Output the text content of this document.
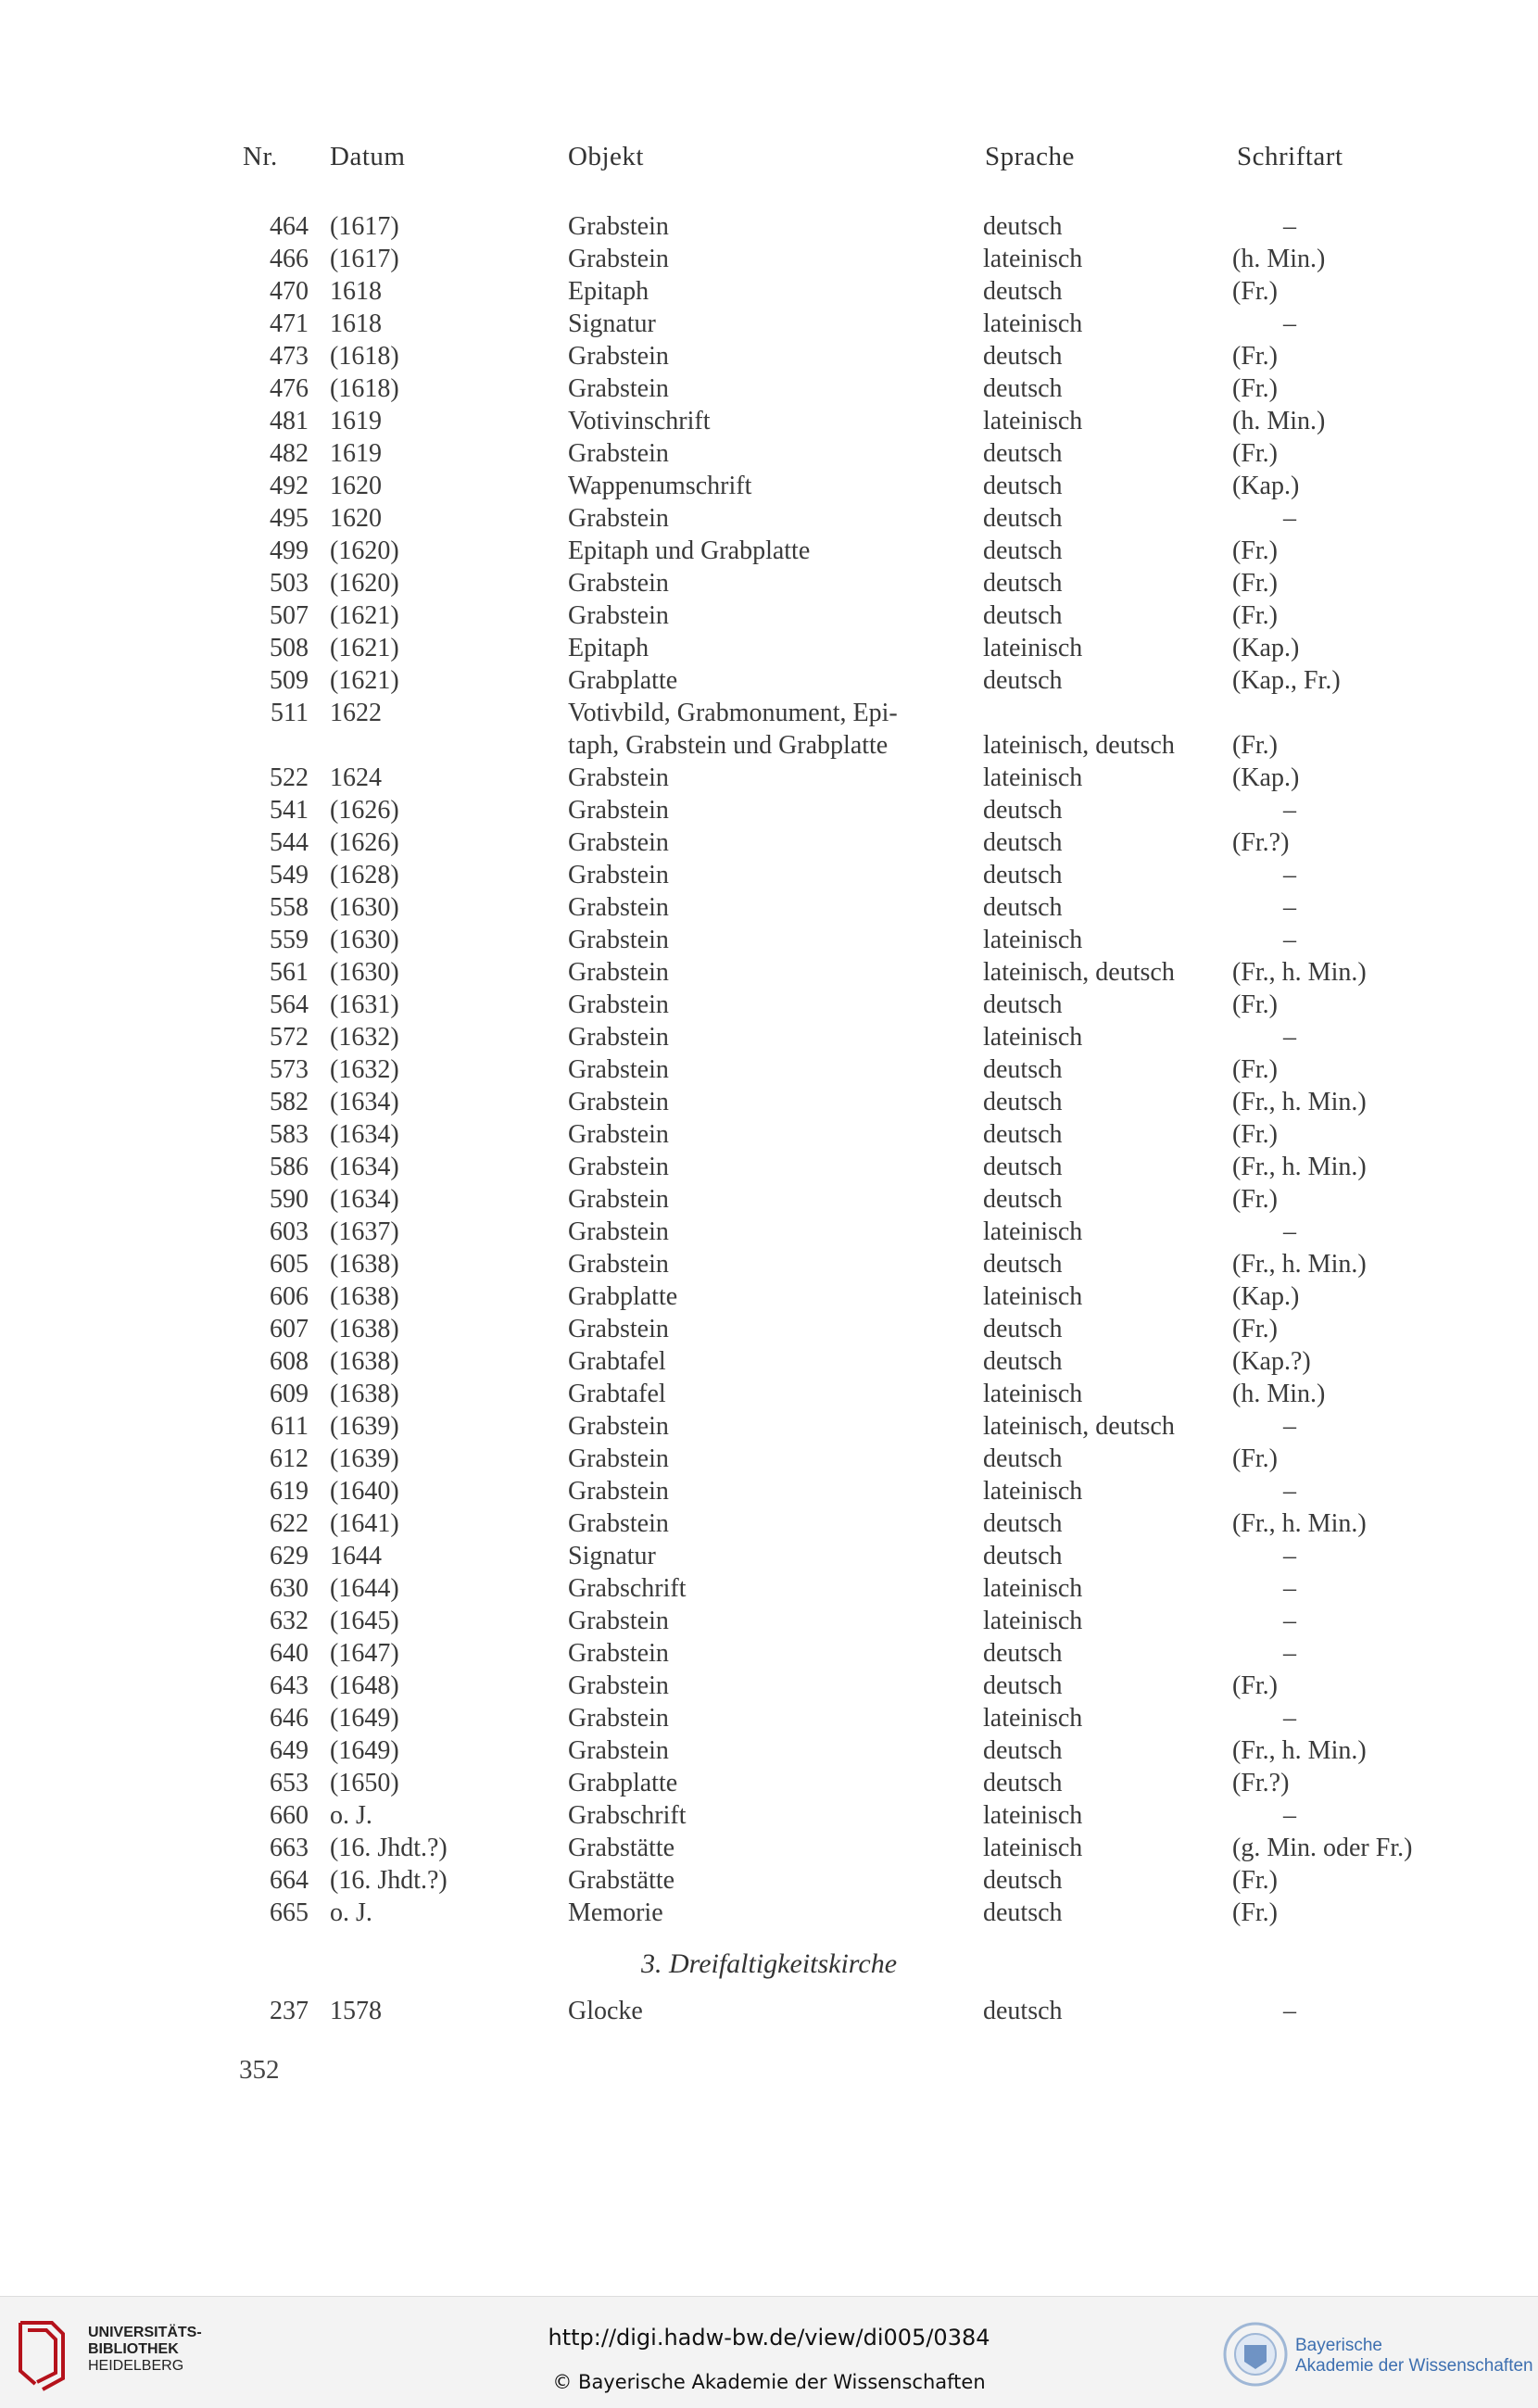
Nr. Datum	Objekt	Sprache	Schriftart
464 (1617)	Grabstein	deutsch	–
466 (1617)	Grabstein	lateinisch	(h. Min.)
470 1618	Epitaph	deutsch	(Fr.)
471 1618	Signatur	lateinisch	–
473 (1618)	Grabstein	deutsch	(Fr.)
476 (1618)	Grabstein	deutsch	(Fr.)
481 1619	Votivinschrift	lateinisch	(h. Min.)
482 1619	Grabstein	deutsch	(Fr.)
492 1620	Wappenumschrift	deutsch	(Kap.)
495 1620	Grabstein	deutsch	–
499 (1620)	Epitaph und Grabplatte	deutsch	(Fr.)
503 (1620)	Grabstein	deutsch	(Fr.)
507 (1621)	Grabstein	deutsch	(Fr.)
508 (1621)	Epitaph	lateinisch	(Kap.)
509 (1621)	Grabplatte	deutsch	(Kap., Fr.)
511 1622	Votivbild, Grabmonument, Epi-
taph, Grabstein und Grabplatte	lateinisch, deutsch (Fr.)
522 1624	Grabstein	lateinisch	(Kap.)
541 (1626)	Grabstein	deutsch	–
544 (1626)	Grabstein	deutsch	(Fr.?)
549 (1628)	Grabstein	deutsch	–
558 (1630)	Grabstein	deutsch	–
559 (1630)	Grabstein	lateinisch	–
561 (1630)	Grabstein	lateinisch, deutsch (Fr., h. Min.)
564 (1631)	Grabstein	deutsch	(Fr.)
572 (1632)	Grabstein	lateinisch	–
573 (1632)	Grabstein	deutsch	(Fr.)
582 (1634)	Grabstein	deutsch	(Fr., h. Min.)
583 (1634)	Grabstein	deutsch	(Fr.)
586 (1634)	Grabstein	deutsch	(Fr., h. Min.)
590 (1634)	Grabstein	deutsch	(Fr.)
603 (1637)	Grabstein	lateinisch	–
605 (1638)	Grabstein	deutsch	(Fr., h. Min.)
606 (1638)	Grabplatte	lateinisch	(Kap.)
607 (1638)	Grabstein	deutsch	(Fr.)
608 (1638)	Grabtafel	deutsch	(Kap.?)
609 (1638)	Grabtafel	lateinisch	(h. Min.)
611 (1639)	Grabstein	lateinisch, deutsch	–
612 (1639)	Grabstein	deutsch	(Fr.)
619 (1640)	Grabstein	lateinisch	–
622 (1641)	Grabstein	deutsch	(Fr., h. Min.)
629 1644	Signatur	deutsch	–
630 (1644)	Grabschrift	lateinisch	–
632 (1645)	Grabstein	lateinisch	–
640 (1647)	Grabstein	deutsch	–
643 (1648)	Grabstein	deutsch	(Fr.)
646 (1649)	Grabstein	lateinisch	–
649 (1649)	Grabstein	deutsch	(Fr., h. Min.)
653 (1650)	Grabplatte	deutsch	(Fr.?)
660 o. J.	Grabschrift	lateinisch	–
663 (16. Jhdt.?)	Grabstätte	lateinisch	(g. Min. oder Fr.)
664 (16. Jhdt.?)	Grabstätte	deutsch	(Fr.)
665 o. J.	Memorie	deutsch	(Fr.)
3. Dreifaltigkeitskirche
237 1578	Glocke	deutsch	–
352
UNIVERSITÄTS-
BIBLIOTHEK
HEIDELBERG
http://digi.hadw-bw.de/view/di005/0384
© Bayerische Akademie der Wissenschaften
Bayerische
Akademie der Wissenschaften
